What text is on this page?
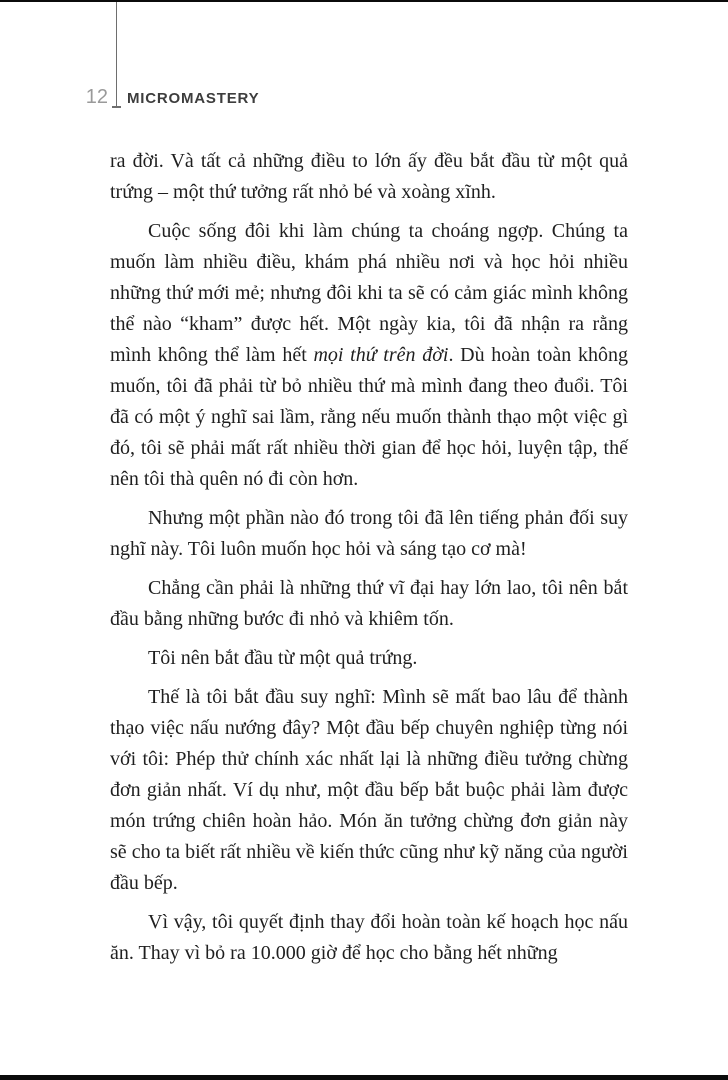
12 MICROMASTERY

ra đời. Và tất cả những điều to lớn ấy đều bắt đầu từ một quả trứng – một thứ tưởng rất nhỏ bé và xoàng xĩnh.

Cuộc sống đôi khi làm chúng ta choáng ngợp. Chúng ta muốn làm nhiều điều, khám phá nhiều nơi và học hỏi nhiều những thứ mới mẻ; nhưng đôi khi ta sẽ có cảm giác mình không thể nào “kham” được hết. Một ngày kia, tôi đã nhận ra rằng mình không thể làm hết mọi thứ trên đời. Dù hoàn toàn không muốn, tôi đã phải từ bỏ nhiều thứ mà mình đang theo đuổi. Tôi đã có một ý nghĩ sai lầm, rằng nếu muốn thành thạo một việc gì đó, tôi sẽ phải mất rất nhiều thời gian để học hỏi, luyện tập, thế nên tôi thà quên nó đi còn hơn.

Nhưng một phần nào đó trong tôi đã lên tiếng phản đối suy nghĩ này. Tôi luôn muốn học hỏi và sáng tạo cơ mà!

Chẳng cần phải là những thứ vĩ đại hay lớn lao, tôi nên bắt đầu bằng những bước đi nhỏ và khiêm tốn.

Tôi nên bắt đầu từ một quả trứng.

Thế là tôi bắt đầu suy nghĩ: Mình sẽ mất bao lâu để thành thạo việc nấu nướng đây? Một đầu bếp chuyên nghiệp từng nói với tôi: Phép thử chính xác nhất lại là những điều tưởng chừng đơn giản nhất. Ví dụ như, một đầu bếp bắt buộc phải làm được món trứng chiên hoàn hảo. Món ăn tưởng chừng đơn giản này sẽ cho ta biết rất nhiều về kiến thức cũng như kỹ năng của người đầu bếp.

Vì vậy, tôi quyết định thay đổi hoàn toàn kế hoạch học nấu ăn. Thay vì bỏ ra 10.000 giờ để học cho bằng hết những
